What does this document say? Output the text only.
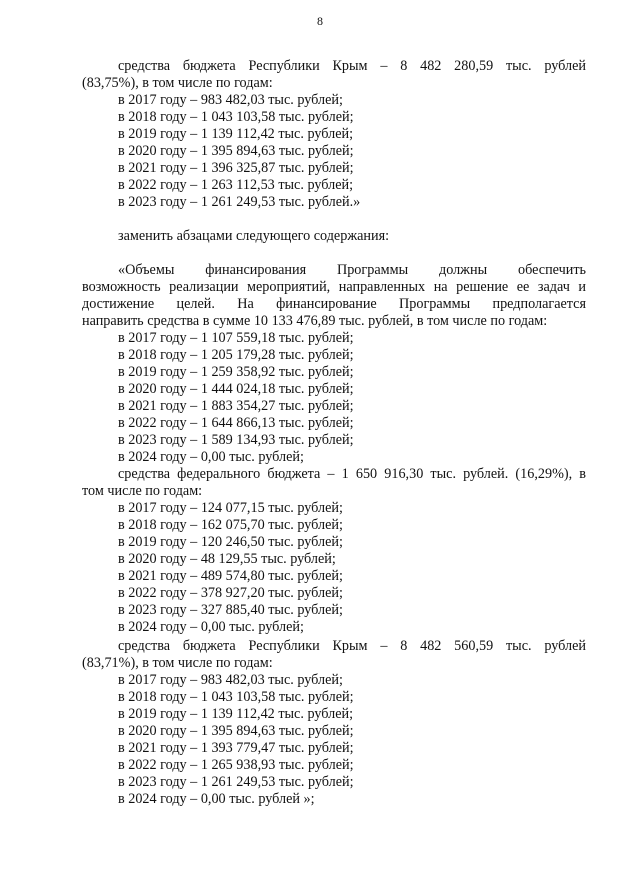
8
средства бюджета Республики Крым – 8 482 280,59 тыс. рублей
(83,75%), в том числе по годам:
в 2017 году – 983 482,03 тыс. рублей;
в 2018 году – 1 043 103,58 тыс. рублей;
в 2019 году – 1 139 112,42 тыс. рублей;
в 2020 году – 1 395 894,63 тыс. рублей;
в 2021 году – 1 396 325,87 тыс. рублей;
в 2022 году – 1 263 112,53 тыс. рублей;
в 2023 году – 1 261 249,53 тыс. рублей.»
заменить абзацами следующего содержания:
«Объемы финансирования Программы должны обеспечить
возможность реализации мероприятий, направленных на решение ее задач и
достижение целей. На финансирование Программы предполагается
направить средства в сумме 10 133 476,89 тыс. рублей, в том числе по годам:
в 2017 году – 1 107 559,18 тыс. рублей;
в 2018 году – 1 205 179,28 тыс. рублей;
в 2019 году – 1 259 358,92 тыс. рублей;
в 2020 году – 1 444 024,18 тыс. рублей;
в 2021 году – 1 883 354,27 тыс. рублей;
в 2022 году – 1 644 866,13 тыс. рублей;
в 2023 году – 1 589 134,93 тыс. рублей;
в 2024 году – 0,00 тыс. рублей;
средства федерального бюджета – 1 650 916,30 тыс. рублей. (16,29%), в
том числе по годам:
в 2017 году – 124 077,15 тыс. рублей;
в 2018 году – 162 075,70 тыс. рублей;
в 2019 году – 120 246,50 тыс. рублей;
в 2020 году – 48 129,55 тыс. рублей;
в 2021 году – 489 574,80 тыс. рублей;
в 2022 году – 378 927,20 тыс. рублей;
в 2023 году – 327 885,40 тыс. рублей;
в 2024 году – 0,00 тыс. рублей;
средства бюджета Республики Крым – 8 482 560,59 тыс. рублей
(83,71%), в том числе по годам:
в 2017 году – 983 482,03 тыс. рублей;
в 2018 году – 1 043 103,58 тыс. рублей;
в 2019 году – 1 139 112,42 тыс. рублей;
в 2020 году – 1 395 894,63 тыс. рублей;
в 2021 году – 1 393 779,47 тыс. рублей;
в 2022 году – 1 265 938,93 тыс. рублей;
в 2023 году – 1 261 249,53 тыс. рублей;
в 2024 году – 0,00 тыс. рублей »;
